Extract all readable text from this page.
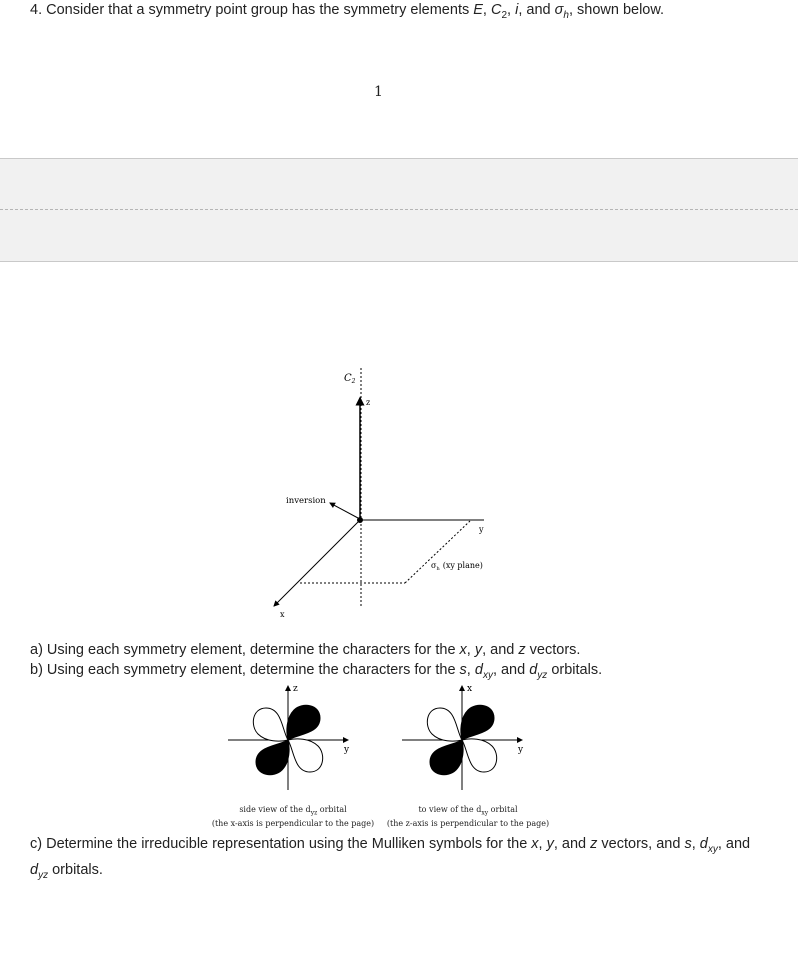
4. Consider that a symmetry point group has the symmetry elements E, $C_2$, i, and $\sigma_h$, shown below.
1
$C_2$
z
inversion
y
x
$\sigma_h$ (xy plane)
a) Using each symmetry element, determine the characters for the x, y, and z vectors.
b) Using each symmetry element, determine the characters for the s, $d_{xy}$, and $d_{yz}$ orbitals.
z
y
x
y
side view of the $d_{yz}$ orbital
(the x-axis is perpendicular to the page)
to view of the $d_{xy}$ orbital
(the z-axis is perpendicular to the page)
c) Determine the irreducible representation using the Mulliken symbols for the x, y, and z vectors, and s, $d_{xy}$, and $d_{yz}$ orbitals.
